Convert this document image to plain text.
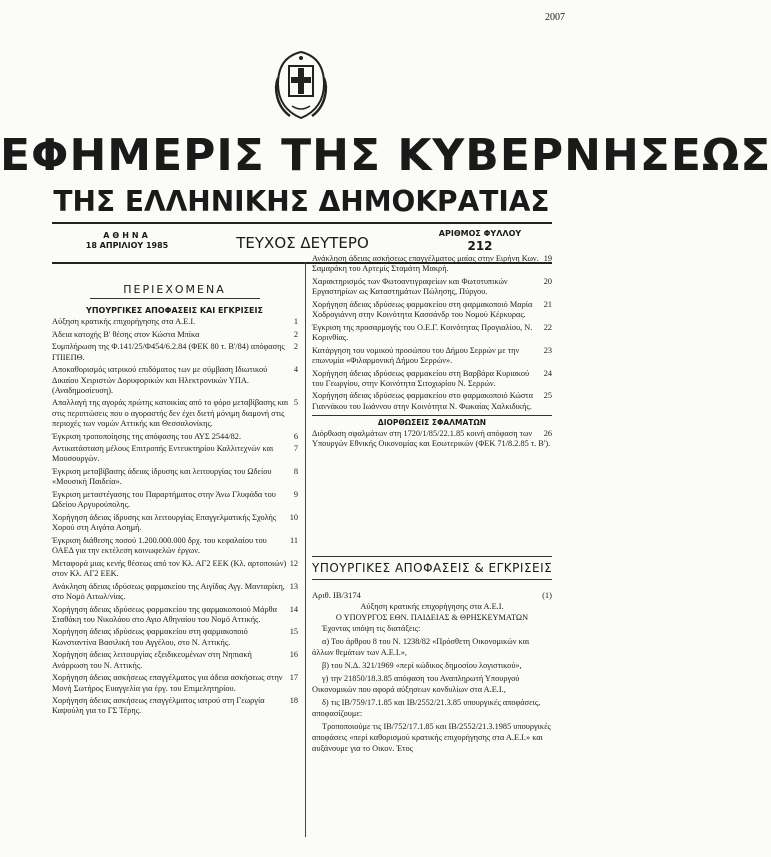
2007
ΕΦΗΜΕΡΙΣ ΤΗΣ ΚΥΒΕΡΝΗΣΕΩΣ
ΤΗΣ ΕΛΛΗΝΙΚΗΣ ΔΗΜΟΚΡΑΤΙΑΣ
ΑΘΗΝΑ
18 ΑΠΡΙΛΙΟΥ 1985	ΤΕΥΧΟΣ ΔΕΥΤΕΡΟ
ΑΡΙΘΜΟΣ ΦΥΛΛΟΥ
212
ΠΕΡΙΕΧΟΜΕΝΑ
ΥΠΟΥΡΓΙΚΕΣ ΑΠΟΦΑΣΕΙΣ ΚΑΙ ΕΓΚΡΙΣΕΙΣ
1
Αύξηση κρατικής επιχορήγησης στα Α.Ε.Ι.
2
Άδεια κατοχής Β' θέσης στον Κώστα Μπίκα
2
Συμπλήρωση της Φ.141/25/Φ454/6.2.84 (ΦΕΚ 80 τ. Β'/84) απόφασης ΓΠΙΕΠΘ.
4
Αποκαθορισμός ιατρικού επιδόματος των με σύμβαση Ιδιωτικού Δικαίου Χειριστών Δορυφορικών και Ηλεκτρονικών ΥΠΑ. (Αναδημοσίευση).
5
Απαλλαγή της αγοράς πρώτης κατοικίας από το φόρο μεταβίβασης και στις περιπτώσεις που ο αγοραστής δεν έχει διετή μόνιμη διαμονή στις περιοχές των νομών Αττικής και Θεσσαλονίκης.
6
Έγκριση τροποποίησης της απόφασης του ΑΥΣ 2544/82.
7
Αντικατάσταση μέλους Επιτροπής Εντευκτηρίου Καλλιτεχνών και Μουσουργών.
8
Έγκριση μεταβίβασης άδειας ίδρυσης και λειτουργίας του Ωδείου «Μουσική Παιδεία».
9
Έγκριση μεταστέγασης του Παραρτήματος στην Άνω Γλυφάδα του Ωδείου Αργυρούπολης.
10
Χορήγηση άδειας ίδρυσης και λειτουργίας Επαγγελματικής Σχολής Χορού στη Αιγάτα Ασημή.
11
Έγκριση διάθεσης ποσού 1.200.000.000 δρχ. του κεφαλαίου του ΟΑΕΔ για την εκτέλεση κοινωφελών έργων.
12
Μεταφορά μιας κενής θέσεως από τον Κλ. ΑΓ2 ΕΕΚ (Κλ. αρτοποιών) στον Κλ. ΑΓ2 ΕΕΚ.
13
Ανάκληση άδειας ιδρύσεως φαρμακείου της Αιγίδας Αγγ. Μανταρίκη, στο Νομό Αιτωλ/νίας.
14
Χορήγηση άδειας ιδρύσεως φαρμακείου της φαρμακοποιού Μάρθα Σταθάκη του Νικολάου στο Αγιο Αθηναίου του Νομό Αττικής.
15
Χορήγηση άδειας ιδρύσεως φαρμακείου στη φαρμακοποιό Κωνσταντίνα Βασιλική του Αγγέλου, στο Ν. Αττικής.
16
Χορήγηση άδειας λειτουργίας εξειδικευμένων στη Νηπιακή Ανάρρωση του Ν. Αττικής.
17
Χορήγηση άδειας ασκήσεως επαγγέλματος για άδεια ασκήσεως στην Μονή Σωτήρος Ευαγγελία για έργ. του Επιμελητηρίου.
18
Χορήγηση άδειας ασκήσεως επαγγέλματος ιατρού στη Γεωργία Καψούλη για το ΓΣ Τέρης.
19
Ανάκληση άδειας ασκήσεως επαγγέλματος μαίας στην Ειρήνη Κων. Σαμαράκη του Αρτεμίς Σταμάτη Μακρή.
20
Χαρακτηρισμός των Φωτοαντιγραφείων και Φωτοτυπικών Εργαστηρίων ως Καταστημάτων Πώλησης, Πύργου.
21
Χορήγηση άδειας ιδρύσεως φαρμακείου στη φαρμακοποιό Μαρία Χοδρογιάννη στην Κοινότητα Κασσάνδρ του Νομού Κέρκυρας.
22
Έγκριση της προσαρμογής του Ο.Ε.Γ. Κοινότητας Προγιαλίου, Ν. Κορινθίας.
23
Κατάργηση του νομικού προσώπου του Δήμου Σερρών με την επωνυμία «Φιλαρμονική Δήμου Σερρών».
24
Χορήγηση άδειας ιδρύσεως φαρμακείου στη Βαρβάρα Κυριακού του Γεωργίου, στην Κοινότητα Σιτοχωρίου Ν. Σερρών.
25
Χορήγηση άδειας ιδρύσεως φαρμακείου στο φαρμακοποιό Κώστα Γιαννάκου του Ιωάννου στην Κοινότητα Ν. Φωκαίας Χαλκιδικής.
ΔΙΟΡΘΩΣΕΙΣ ΣΦΑΛΜΑΤΩΝ
26
Διόρθωση σφαλμάτων στη 1720/1/85/22.1.85 κοινή απόφαση των Υπουργών Εθνικής Οικονομίας και Εσωτερικών (ΦΕΚ 71/8.2.85 τ. Β').
ΥΠΟΥΡΓΙΚΕΣ ΑΠΟΦΑΣΕΙΣ & ΕΓΚΡΙΣΕΙΣ
Αριθ. ΙΒ/3174	(1)

Αύξηση κρατικής επιχορήγησης στα Α.Ε.Ι.

Ο ΥΠΟΥΡΓΟΣ ΕΘΝ. ΠΑΙΔΕΙΑΣ & ΘΡΗΣΚΕΥΜΑΤΩΝ

Έχοντας υπόψη τις διατάξεις:

α) Του άρθρου 8 του Ν. 1238/82 «Πρόσθετη Οικονομικών και άλλων θεμάτων των Α.Ε.Ι.»,

β) του Ν.Δ. 321/1969 «περί κώδικος δημοσίου λογιστικού»,

γ) την 21850/18.3.85 απόφαση του Αναπληρωτή Υπουργού Οικονομικών που αφορά αύξησεων κονδυλίων στα Α.Ε.Ι.,

δ) τις ΙΒ/759/17.1.85 και ΙΒ/2552/21.3.85 υπουργικές αποφάσεις, αποφασίζουμε:

Τροποποιούμε τις ΙΒ/752/17.1.85 και ΙΒ/2552/21.3.1985 υπουργικές αποφάσεις «περί καθορισμού κρατικής επιχορήγησης στα Α.Ε.Ι.» και αυξάνουμε για το Οικον. Έτος
